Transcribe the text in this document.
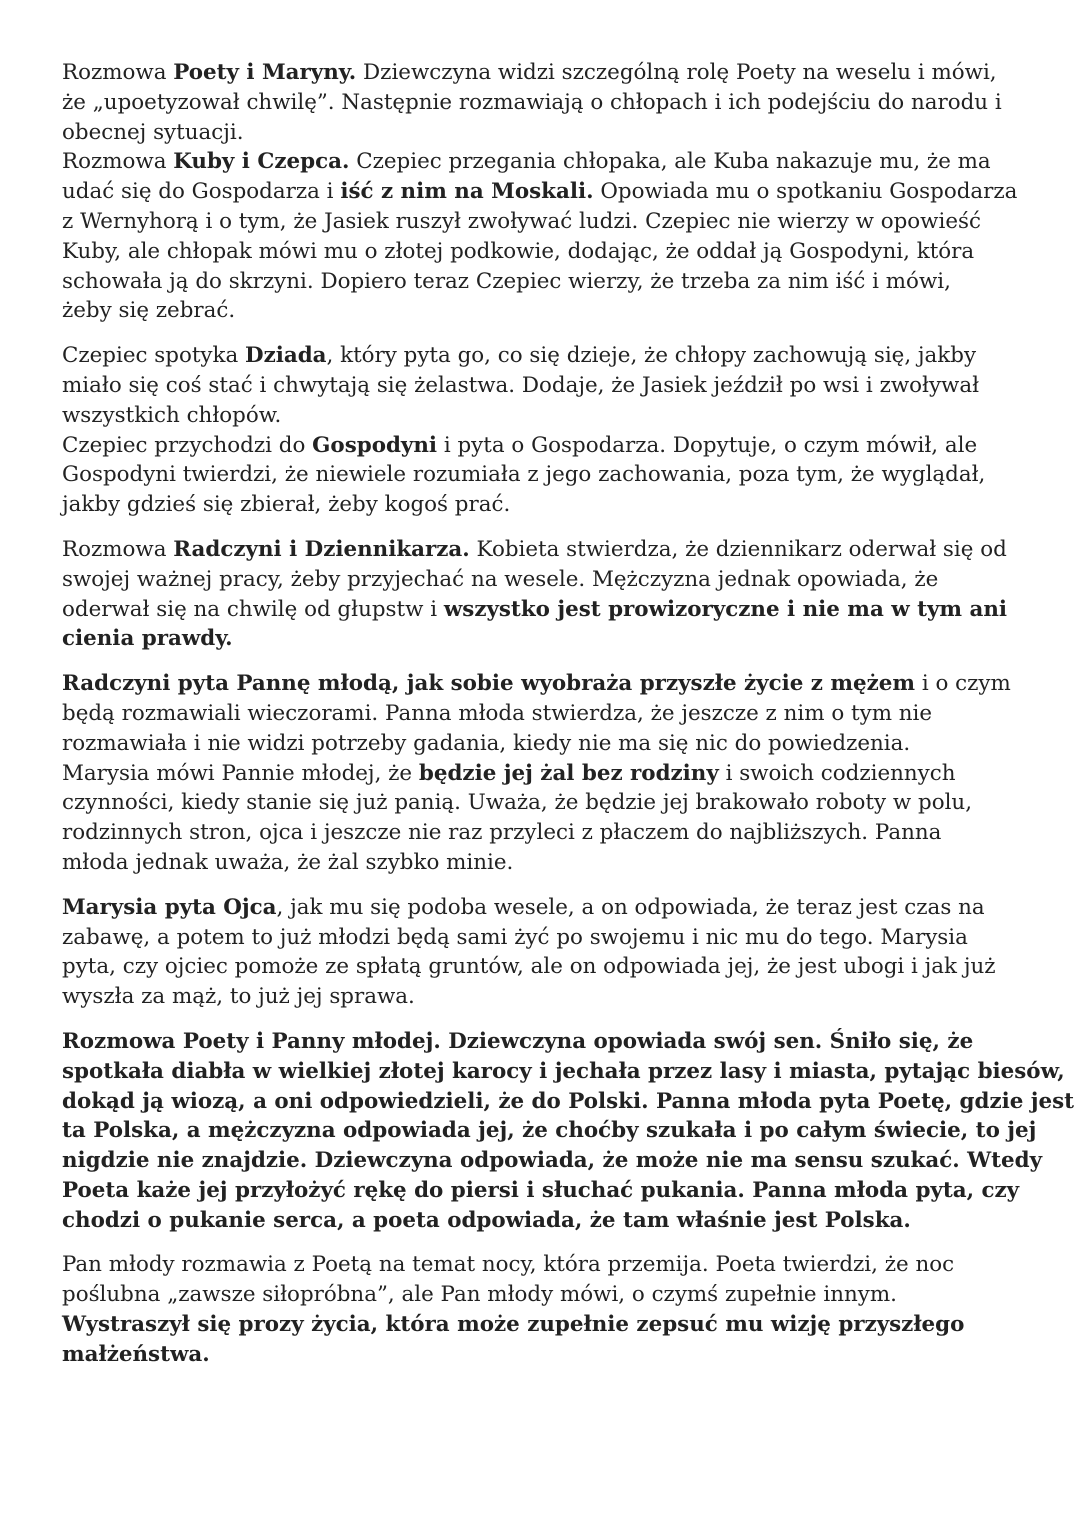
Rozmowa Poety i Maryny. Dziewczyna widzi szczególną rolę Poety na weselu i mówi,
że „upoetyzował chwilę”. Następnie rozmawiają o chłopach i ich podejściu do narodu i
obecnej sytuacji.
Rozmowa Kuby i Czepca. Czepiec przegania chłopaka, ale Kuba nakazuje mu, że ma
udać się do Gospodarza i iść z nim na Moskali. Opowiada mu o spotkaniu Gospodarza
z Wernyhorą i o tym, że Jasiek ruszył zwoływać ludzi. Czepiec nie wierzy w opowieść
Kuby, ale chłopak mówi mu o złotej podkowie, dodając, że oddał ją Gospodyni, która
schowała ją do skrzyni. Dopiero teraz Czepiec wierzy, że trzeba za nim iść i mówi,
żeby się zebrać.
Czepiec spotyka Dziada, który pyta go, co się dzieje, że chłopy zachowują się, jakby
miało się coś stać i chwytają się żelastwa. Dodaje, że Jasiek jeździł po wsi i zwoływał
wszystkich chłopów.
Czepiec przychodzi do Gospodyni i pyta o Gospodarza. Dopytuje, o czym mówił, ale
Gospodyni twierdzi, że niewiele rozumiała z jego zachowania, poza tym, że wyglądał,
jakby gdzieś się zbierał, żeby kogoś prać.
Rozmowa Radczyni i Dziennikarza. Kobieta stwierdza, że dziennikarz oderwał się od
swojej ważnej pracy, żeby przyjechać na wesele. Mężczyzna jednak opowiada, że
oderwał się na chwilę od głupstw i wszystko jest prowizoryczne i nie ma w tym ani
cienia prawdy.
Radczyni pyta Pannę młodą, jak sobie wyobraża przyszłe życie z mężem i o czym
będą rozmawiali wieczorami. Panna młoda stwierdza, że jeszcze z nim o tym nie
rozmawiała i nie widzi potrzeby gadania, kiedy nie ma się nic do powiedzenia.
Marysia mówi Pannie młodej, że będzie jej żal bez rodziny i swoich codziennych
czynności, kiedy stanie się już panią. Uważa, że będzie jej brakowało roboty w polu,
rodzinnych stron, ojca i jeszcze nie raz przyleci z płaczem do najbliższych. Panna
młoda jednak uważa, że żal szybko minie.
Marysia pyta Ojca, jak mu się podoba wesele, a on odpowiada, że teraz jest czas na
zabawę, a potem to już młodzi będą sami żyć po swojemu i nic mu do tego. Marysia
pyta, czy ojciec pomoże ze spłatą gruntów, ale on odpowiada jej, że jest ubogi i jak już
wyszła za mąż, to już jej sprawa.
Rozmowa Poety i Panny młodej. Dziewczyna opowiada swój sen. Śniło się, że
spotkała diabła w wielkiej złotej karocy i jechała przez lasy i miasta, pytając biesów,
dokąd ją wiozą, a oni odpowiedzieli, że do Polski. Panna młoda pyta Poetę, gdzie jest
ta Polska, a mężczyzna odpowiada jej, że choćby szukała i po całym świecie, to jej
nigdzie nie znajdzie. Dziewczyna odpowiada, że może nie ma sensu szukać. Wtedy
Poeta każe jej przyłożyć rękę do piersi i słuchać pukania. Panna młoda pyta, czy
chodzi o pukanie serca, a poeta odpowiada, że tam właśnie jest Polska.
Pan młody rozmawia z Poetą na temat nocy, która przemija. Poeta twierdzi, że noc
poślubna „zawsze siłopróbna”, ale Pan młody mówi, o czymś zupełnie innym.
Wystraszył się prozy życia, która może zupełnie zepsuć mu wizję przyszłego
małżeństwa.
